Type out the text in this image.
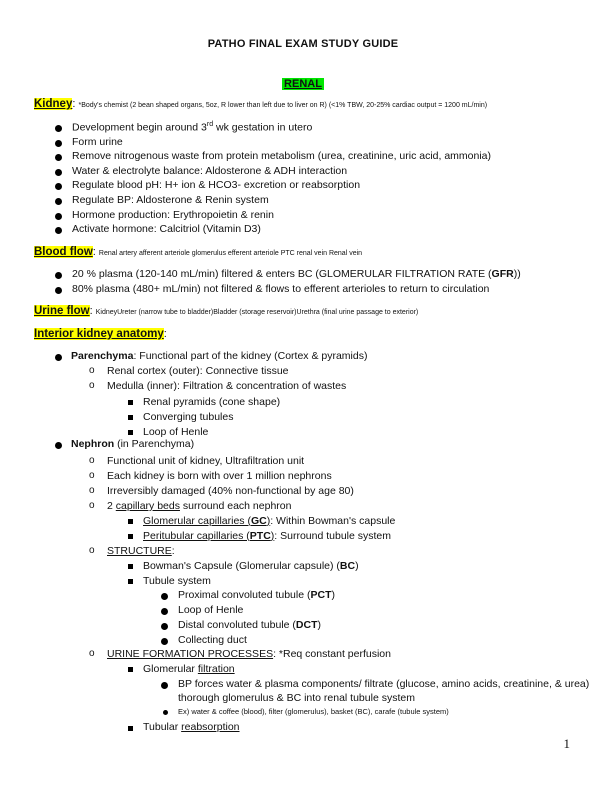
PATHO FINAL EXAM STUDY GUIDE
RENAL
Kidney: *Body's chemist (2 bean shaped organs, 5oz, R lower than left due to liver on R) (<1% TBW, 20-25% cardiac output = 1200 mL/min)
Development begin around 3rd wk gestation in utero
Form urine
Remove nitrogenous waste from protein metabolism (urea, creatinine, uric acid, ammonia)
Water & electrolyte balance: Aldosterone & ADH interaction
Regulate blood pH: H+ ion & HCO3- excretion or reabsorption
Regulate BP: Aldosterone & Renin system
Hormone production: Erythropoietin & renin
Activate hormone: Calcitriol (Vitamin D3)
Blood flow: Renal artery afferent arteriole glomerulus efferent arteriole PTC renal vein Renal vein
20 % plasma (120-140 mL/min) filtered & enters BC (GLOMERULAR FILTRATION RATE (GFR))
80% plasma (480+ mL/min) not filtered & flows to efferent arterioles to return to circulation
Urine flow: KidneyUreter (narrow tube to bladder)Bladder (storage reservoir)Urethra (final urine passage to exterior)
Interior kidney anatomy:
Parenchyma: Functional part of the kidney (Cortex & pyramids)
o Renal cortex (outer): Connective tissue
o Medulla (inner): Filtration & concentration of wastes
Renal pyramids (cone shape)
Converging tubules
Loop of Henle
Nephron (in Parenchyma)
o Functional unit of kidney, Ultrafiltration unit
o Each kidney is born with over 1 million nephrons
o Irreversibly damaged (40% non-functional by age 80)
o 2 capillary beds surround each nephron
Glomerular capillaries (GC): Within Bowman's capsule
Peritubular capillaries (PTC): Surround tubule system
o STRUCTURE:
Bowman's Capsule (Glomerular capsule) (BC)
Tubule system
Proximal convoluted tubule (PCT)
Loop of Henle
Distal convoluted tubule (DCT)
Collecting duct
o URINE FORMATION PROCESSES: *Req constant perfusion
Glomerular filtration
BP forces water & plasma components/ filtrate (glucose, amino acids, creatinine, & urea)
thorough glomerulus & BC into renal tubule system
Ex) water & coffee (blood), filter (glomerulus), basket (BC), carafe (tubule system)
Tubular reabsorption
1
